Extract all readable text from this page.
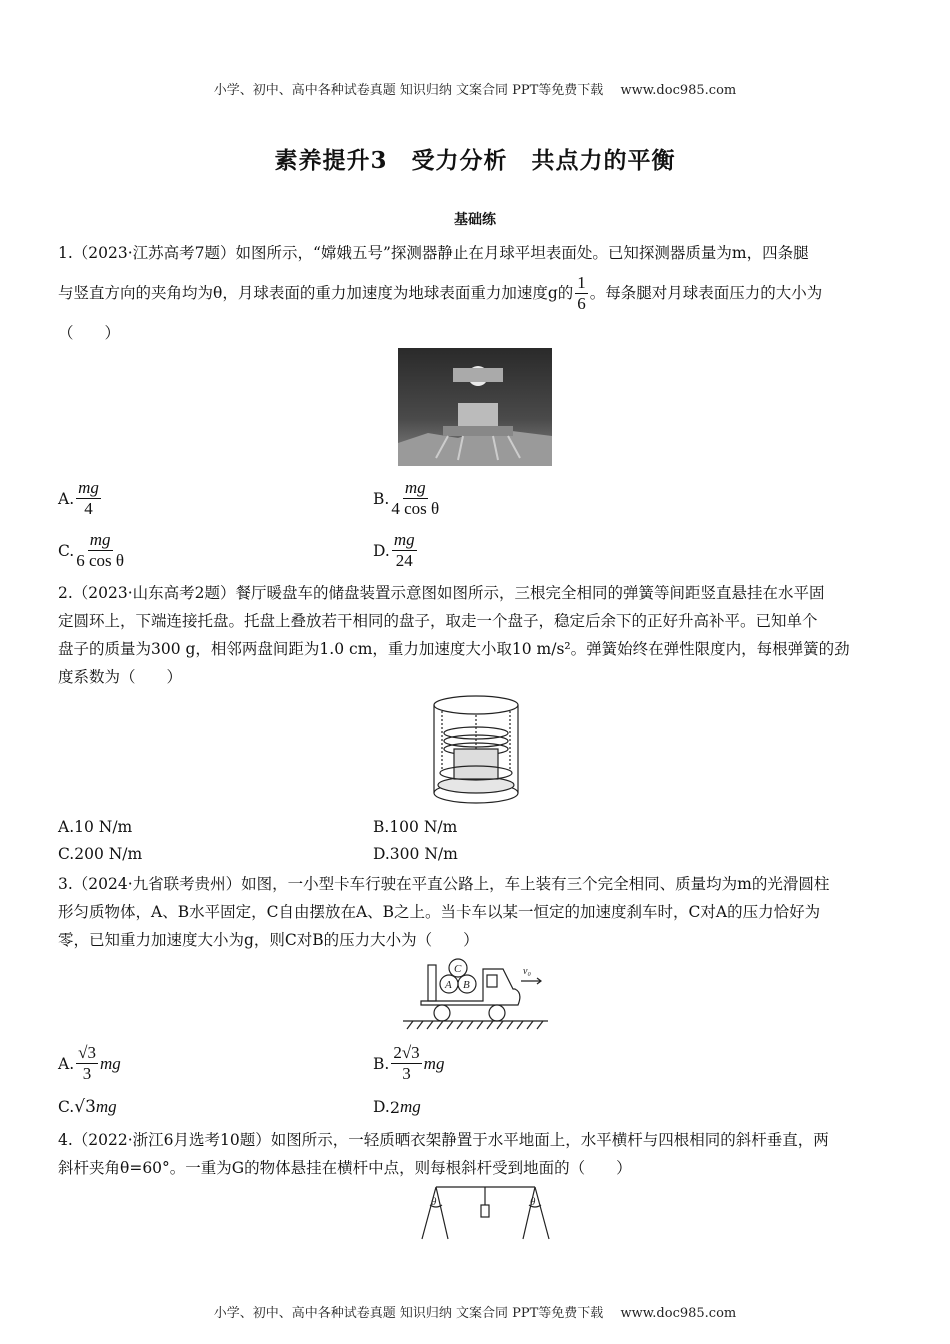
小学、初中、高中各种试卷真题 知识归纳 文案合同 PPT等免费下载　 www.doc985.com
素养提升3　受力分析　共点力的平衡
基础练
1.（2023·江苏高考7题）如图所示，“嫦娥五号”探测器静止在月球平坦表面处。已知探测器质量为m，四条腿
与竖直方向的夹角均为θ，月球表面的重力加速度为地球表面重力加速度g的 $\frac{1}{6}$ 。每条腿对月球表面压力的大小为
（　　）
A. $\frac{mg}{4}$	B. $\frac{mg}{\text{4 cos θ}}$
C. $\frac{mg}{\text{6 cos θ}}$	D. $\frac{mg}{24}$
2.（2023·山东高考2题）餐厅暖盘车的储盘装置示意图如图所示，三根完全相同的弹簧等间距竖直悬挂在水平固
定圆环上，下端连接托盘。托盘上叠放若干相同的盘子，取走一个盘子，稳定后余下的正好升高补平。已知单个
盘子的质量为300 g，相邻两盘间距为1.0 cm，重力加速度大小取10 m/s²。弹簧始终在弹性限度内，每根弹簧的劲
度系数为（　　）
A.10 N/m	B.100 N/m
C.200 N/m	D.300 N/m
3.（2024·九省联考贵州）如图，一小型卡车行驶在平直公路上，车上装有三个完全相同、质量均为m的光滑圆柱
形匀质物体，A、B水平固定，C自由摆放在A、B之上。当卡车以某一恒定的加速度刹车时，C对A的压力恰好为
零，已知重力加速度大小为g，则C对B的压力大小为（　　）
C
A B
v₀
A. $\frac{√3}{3}$ mg	B. $\frac{2√3}{3}$ mg
C. √3 mg	D. 2 mg
4.（2022·浙江6月选考10题）如图所示，一轻质晒衣架静置于水平地面上，水平横杆与四根相同的斜杆垂直，两
斜杆夹角θ=60°。一重为G的物体悬挂在横杆中点，则每根斜杆受到地面的（　　）
θ	θ
小学、初中、高中各种试卷真题 知识归纳 文案合同 PPT等免费下载　 www.doc985.com
